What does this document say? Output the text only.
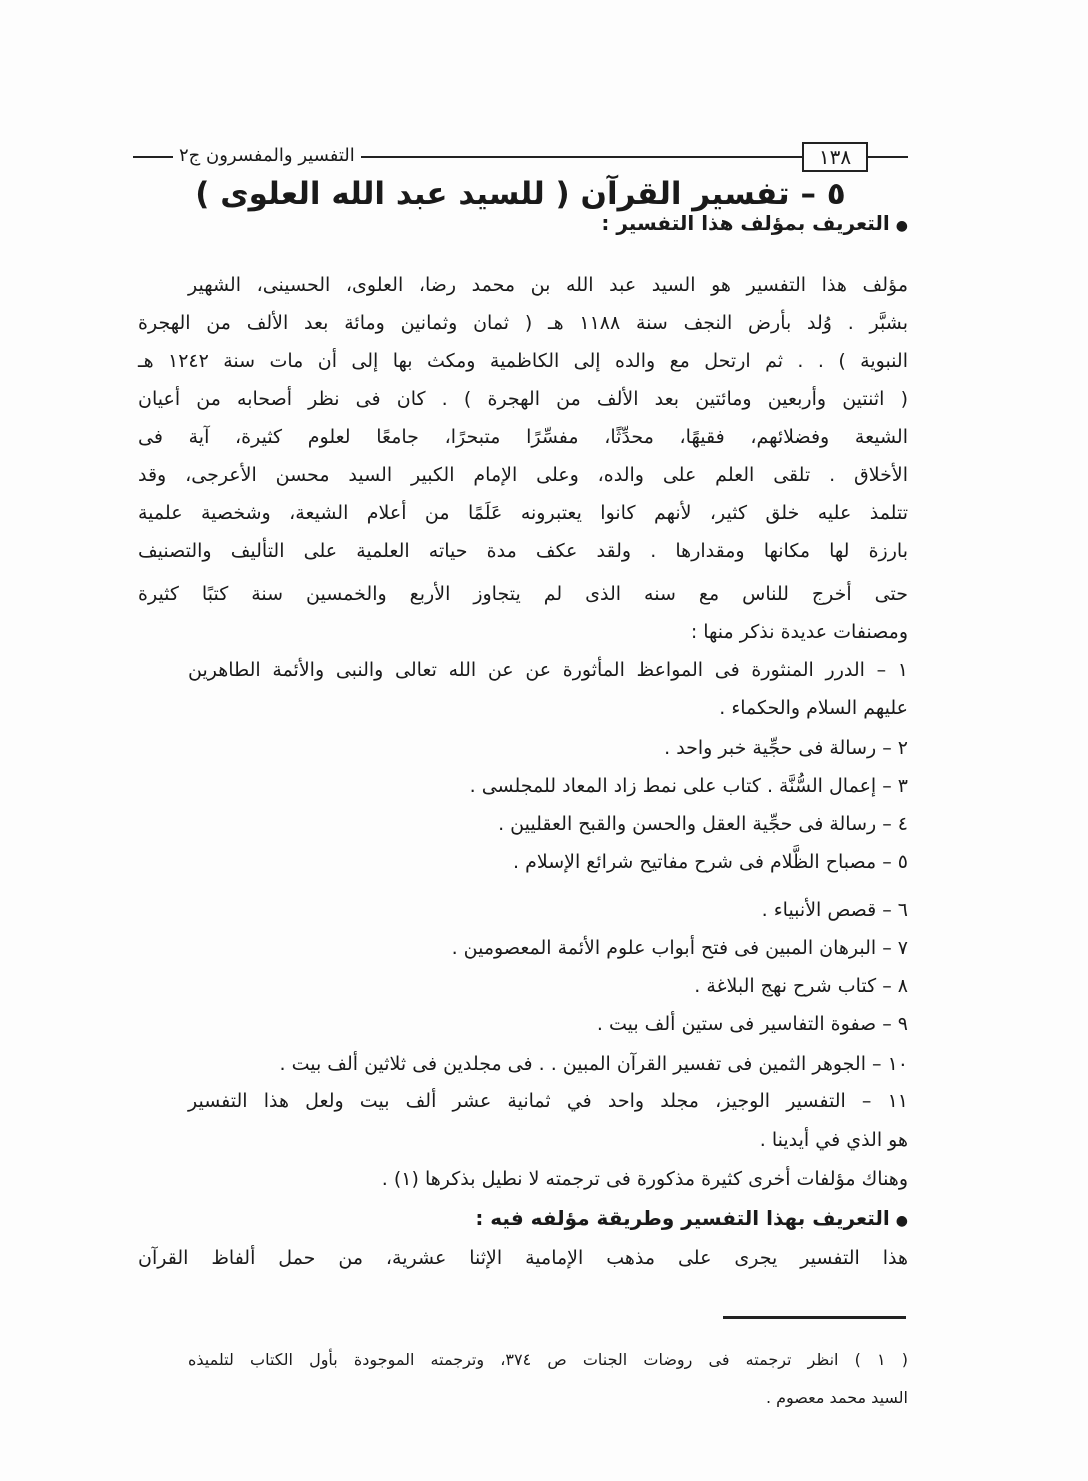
١٣٨
التفسير والمفسرون ج٢
٥ – تفسير القرآن ( للسيد عبد الله العلوى )
مؤلف هذا التفسير هو السيد عبد الله بن محمد رضا، العلوى، الحسينى، الشهير
بشبَّر . وُلد بأرض النجف سنة ١١٨٨ هـ ( ثمان وثمانين ومائة بعد الألف من الهجرة
النبوية ) . . ثم ارتحل مع والده إلى الكاظمية ومكث بها إلى أن مات سنة ١٢٤٢ هـ
( اثنتين وأربعين ومائتين بعد الألف من الهجرة ) . كان فى نظر أصحابه من أعيان
الشيعة وفضلائهم، فقيهًا، محدِّثًا، مفسِّرًا متبحرًا، جامعًا لعلوم كثيرة، آية فى
الأخلاق . تلقى العلم على والده، وعلى الإمام الكبير السيد محسن الأعرجى، وقد
تتلمذ عليه خلق كثير، لأنهم كانوا يعتبرونه عَلَمًا من أعلام الشيعة، وشخصية علمية
بارزة لها مكانها ومقدارها . ولقد عكف مدة حياته العلمية على التأليف والتصنيف
حتى أخرج للناس مع سنه الذى لم يتجاوز الأربع والخمسين سنة كتبًا كثيرة
ومصنفات عديدة نذكر منها :
١ – الدرر المنثورة فى المواعظ المأثورة عن عن الله تعالى والنبى والأئمة الطاهرين
عليهم السلام والحكماء .
٢ – رسالة فى حجِّية خبر واحد .
٣ – إعمال السُّنَّة . كتاب على نمط زاد المعاد للمجلسى .
٤ – رسالة فى حجِّية العقل والحسن والقبح العقليين .
٥ – مصباح الظَّلام فى شرح مفاتيح شرائع الإسلام .
٦ – قصص الأنبياء .
٧ – البرهان المبين فى فتح أبواب علوم الأئمة المعصومين .
٨ – كتاب شرح نهج البلاغة .
٩ – صفوة التفاسير فى ستين ألف بيت .
١٠ – الجوهر الثمين فى تفسير القرآن المبين . . فى مجلدين فى ثلاثين ألف بيت .
١١ – التفسير الوجيز، مجلد واحد في ثمانية عشر ألف بيت ولعل هذا التفسير
هو الذي في أيدينا .
وهناك مؤلفات أخرى كثيرة مذكورة فى ترجمته لا نطيل بذكرها (١) .
هذا التفسير يجرى على مذهب الإمامية الإثنا عشرية، من حمل ألفاظ القرآن
●التعريف بهذا التفسير وطريقة مؤلفه فيه :
●التعريف بمؤلف هذا التفسير :
( ١ ) انظر ترجمته فى روضات الجنات ص ٣٧٤، وترجمته الموجودة بأول الكتاب لتلميذه
السيد محمد معصوم .
